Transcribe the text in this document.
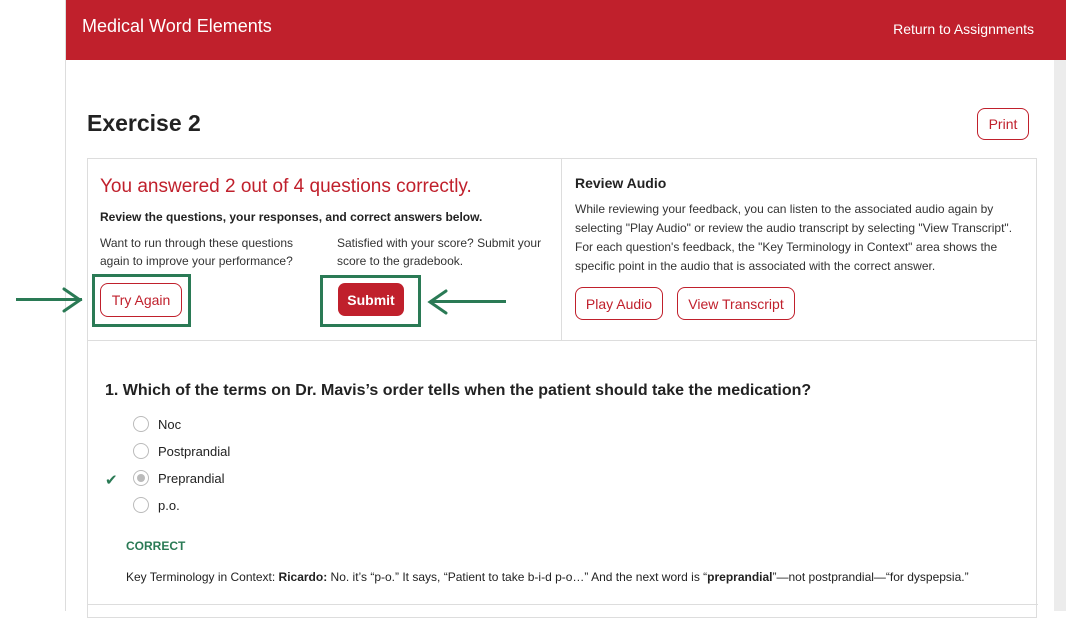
Medical Word Elements	Return to Assignments
Exercise 2	Print
You answered 2 out of 4 questions correctly.
Review the questions, your responses, and correct answers below.
Want to run through these questions again to improve your performance?
Satisfied with your score? Submit your score to the gradebook.
Try Again	Submit
Review Audio
While reviewing your feedback, you can listen to the associated audio again by selecting "Play Audio" or review the audio transcript by selecting "View Transcript". For each question's feedback, the "Key Terminology in Context" area shows the specific point in the audio that is associated with the correct answer.
Play Audio	View Transcript
1. Which of the terms on Dr. Mavis’s order tells when the patient should take the medication?
Noc
Postprandial
Preprandial
p.o.
✔
CORRECT
Key Terminology in Context: Ricardo: No. it’s “p-o.” It says, “Patient to take b-i-d p-o…” And the next word is “preprandial”—not postprandial—“for dyspepsia.”
